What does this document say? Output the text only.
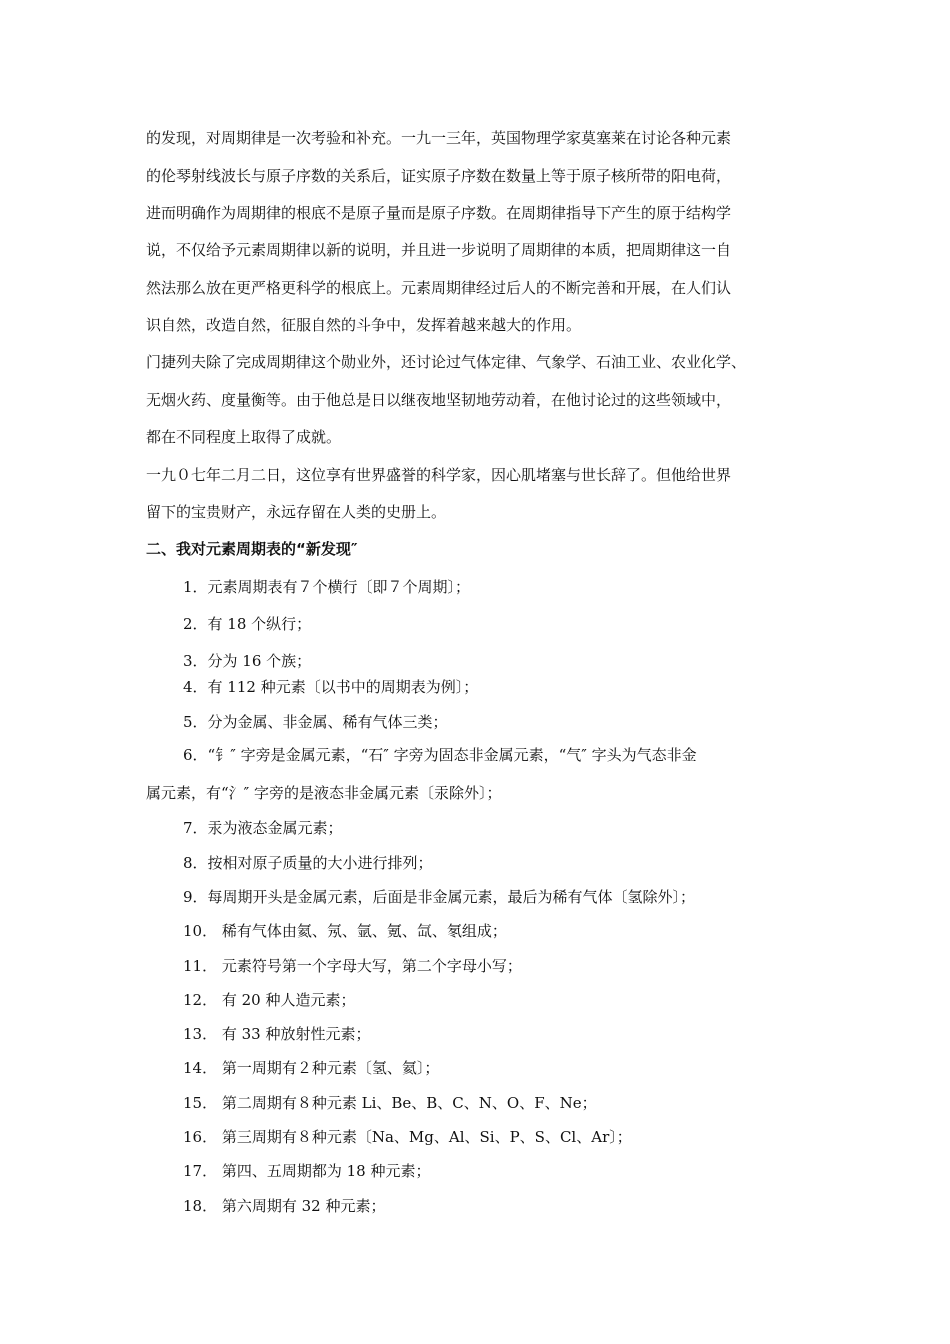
的发现，对周期律是一次考验和补充。一九一三年，英国物理学家莫塞莱在讨论各种元素

的伦琴射线波长与原子序数的关系后，证实原子序数在数量上等于原子核所带的阳电荷，

进而明确作为周期律的根底不是原子量而是原子序数。在周期律指导下产生的原于结构学

说，不仅给予元素周期律以新的说明，并且进一步说明了周期律的本质，把周期律这一自

然法那么放在更严格更科学的根底上。元素周期律经过后人的不断完善和开展，在人们认

识自然，改造自然，征服自然的斗争中，发挥着越来越大的作用。

门捷列夫除了完成周期律这个勋业外，还讨论过气体定律、气象学、石油工业、农业化学、

无烟火药、度量衡等。由于他总是日以继夜地坚韧地劳动着，在他讨论过的这些领域中，

都在不同程度上取得了成就。

一九０七年二月二日，这位享有世界盛誉的科学家，因心肌堵塞与世长辞了。但他给世界

留下的宝贵财产，永远存留在人类的史册上。

二、我对元素周期表的“新发现″

1．元素周期表有７个横行〔即７个周期〕；

2．有 18 个纵行；

3．分为 16 个族；

4．有 112 种元素〔以书中的周期表为例〕；

5．分为金属、非金属、稀有气体三类；

6．“钅″ 字旁是金属元素，“石″ 字旁为固态非金属元素，“气″ 字头为气态非金

属元素，有“氵″ 字旁的是液态非金属元素〔汞除外〕；

7．汞为液态金属元素；

8．按相对原子质量的大小进行排列；

9．每周期开头是金属元素，后面是非金属元素，最后为稀有气体〔氢除外〕；

10． 稀有气体由氦、氖、氩、氪、氙、氡组成；

11． 元素符号第一个字母大写，第二个字母小写；

12． 有 20 种人造元素；

13． 有 33 种放射性元素；

14． 第一周期有２种元素〔氢、氦〕；

15． 第二周期有８种元素 Li、Be、B、C、N、O、F、Ne；

16． 第三周期有８种元素〔Na、Mg、Al、Si、P、S、Cl、Ar〕；

17． 第四、五周期都为 18 种元素；

18． 第六周期有 32 种元素；
